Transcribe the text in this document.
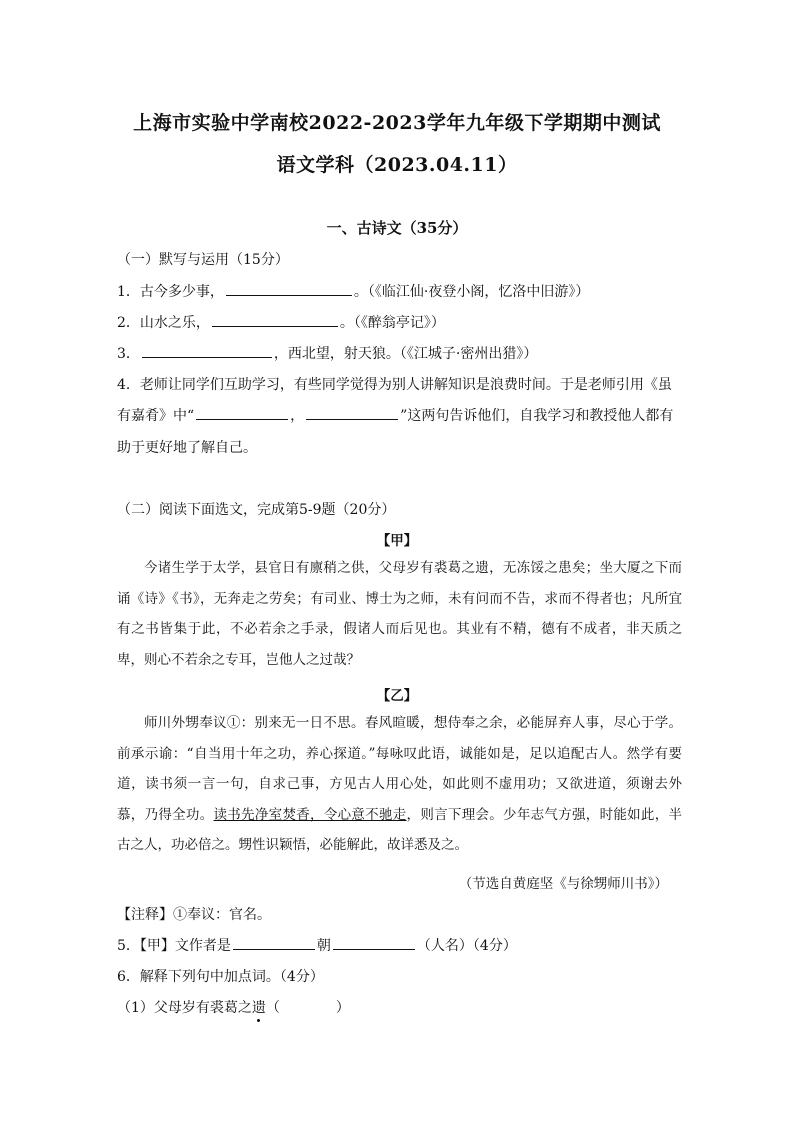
上海市实验中学南校2022-2023学年九年级下学期期中测试
语文学科（2023.04.11）
一、古诗文（35分）
（一）默写与运用（15分）
1．古今多少事，	。（《临江仙·夜登小阁，忆洛中旧游》）
2．山水之乐，	。（《醉翁亭记》）
3．	，西北望，射天狼。（《江城子·密州出猎》）
4．老师让同学们互助学习，有些同学觉得为别人讲解知识是浪费时间。于是老师引用《虽
有嘉肴》中“	，	”这两句告诉他们，自我学习和教授他人都有
助于更好地了解自己。
（二）阅读下面选文，完成第5-9题（20分）
【甲】
今诸生学于太学，县官日有廪稍之供，父母岁有裘葛之遗，无冻馁之患矣；坐大厦之下而诵《诗》《书》，无奔走之劳矣；有司业、博士为之师，未有问而不告，求而不得者也；凡所宜有之书皆集于此，不必若余之手录，假诸人而后见也。其业有不精，德有不成者，非天质之卑，则心不若余之专耳，岂他人之过哉？
【乙】
师川外甥奉议①：别来无一日不思。春风暄暖，想侍奉之余，必能屏弃人事，尽心于学。前承示谕：“自当用十年之功，养心探道。”每咏叹此语，诚能如是，足以追配古人。然学有要道，读书须一言一句，自求己事，方见古人用心处，如此则不虚用功；又欲进道，须谢去外慕，乃得全功。读书先净室焚香，令心意不驰走，则言下理会。少年志气方强，时能如此，半古之人，功必倍之。甥性识颖悟，必能解此，故详悉及之。
（节选自黄庭坚《与徐甥师川书》）
【注释】①奉议：官名。
5．【甲】文作者是	朝	（人名）（4分）
6．解释下列句中加点词。（4分）
（1）父母岁有裘葛之遗
（　　　　）
